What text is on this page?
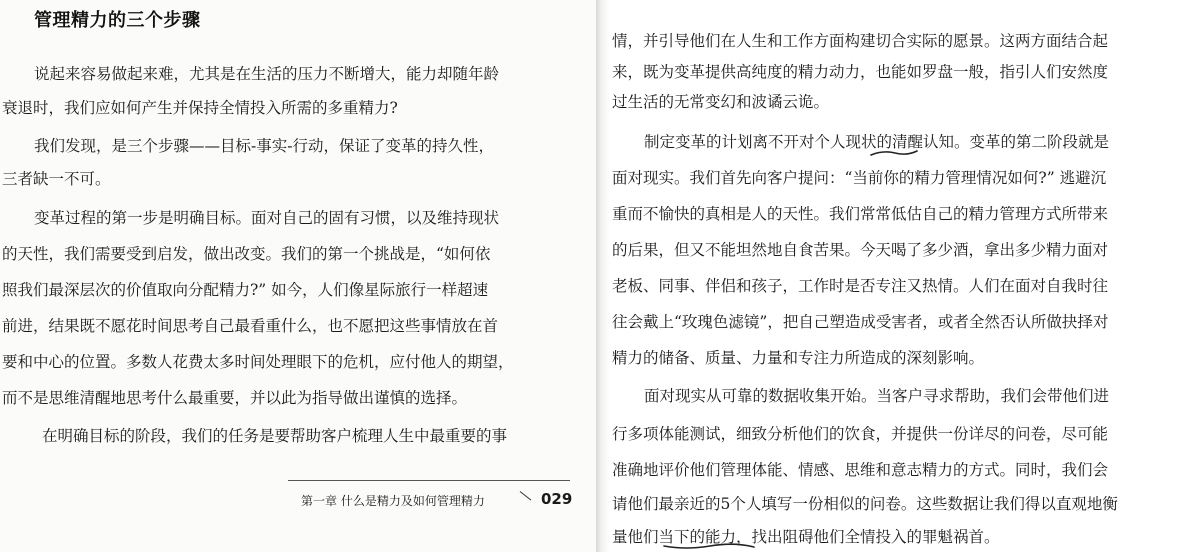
管理精力的三个步骤
说起来容易做起来难，尤其是在生活的压力不断增大，能力却随年龄
衰退时，我们应如何产生并保持全情投入所需的多重精力?
我们发现，是三个步骤——目标-事实-行动，保证了变革的持久性，
三者缺一不可。
变革过程的第一步是明确目标。面对自己的固有习惯，以及维持现状
的天性，我们需要受到启发，做出改变。我们的第一个挑战是，“如何依
照我们最深层次的价值取向分配精力?” 如今，人们像星际旅行一样超速
前进，结果既不愿花时间思考自己最看重什么，也不愿把这些事情放在首
要和中心的位置。多数人花费太多时间处理眼下的危机，应付他人的期望，
而不是思维清醒地思考什么最重要，并以此为指导做出谨慎的选择。
在明确目标的阶段，我们的任务是要帮助客户梳理人生中最重要的事
第一章 什么是精力及如何管理精力	029
情，并引导他们在人生和工作方面构建切合实际的愿景。这两方面结合起
来，既为变革提供高纯度的精力动力，也能如罗盘一般，指引人们安然度
过生活的无常变幻和波谲云诡。
制定变革的计划离不开对个人现状的清醒认知。变革的第二阶段就是
面对现实。我们首先向客户提问：“当前你的精力管理情况如何?” 逃避沉
重而不愉快的真相是人的天性。我们常常低估自己的精力管理方式所带来
的后果，但又不能坦然地自食苦果。今天喝了多少酒，拿出多少精力面对
老板、同事、伴侣和孩子，工作时是否专注又热情。人们在面对自我时往
往会戴上“玫瑰色滤镜”，把自己塑造成受害者，或者全然否认所做抉择对
精力的储备、质量、力量和专注力所造成的深刻影响。
面对现实从可靠的数据收集开始。当客户寻求帮助，我们会带他们进
行多项体能测试，细致分析他们的饮食，并提供一份详尽的问卷，尽可能
准确地评价他们管理体能、情感、思维和意志精力的方式。同时，我们会
请他们最亲近的5个人填写一份相似的问卷。这些数据让我们得以直观地衡
量他们当下的能力，找出阻碍他们全情投入的罪魁祸首。
